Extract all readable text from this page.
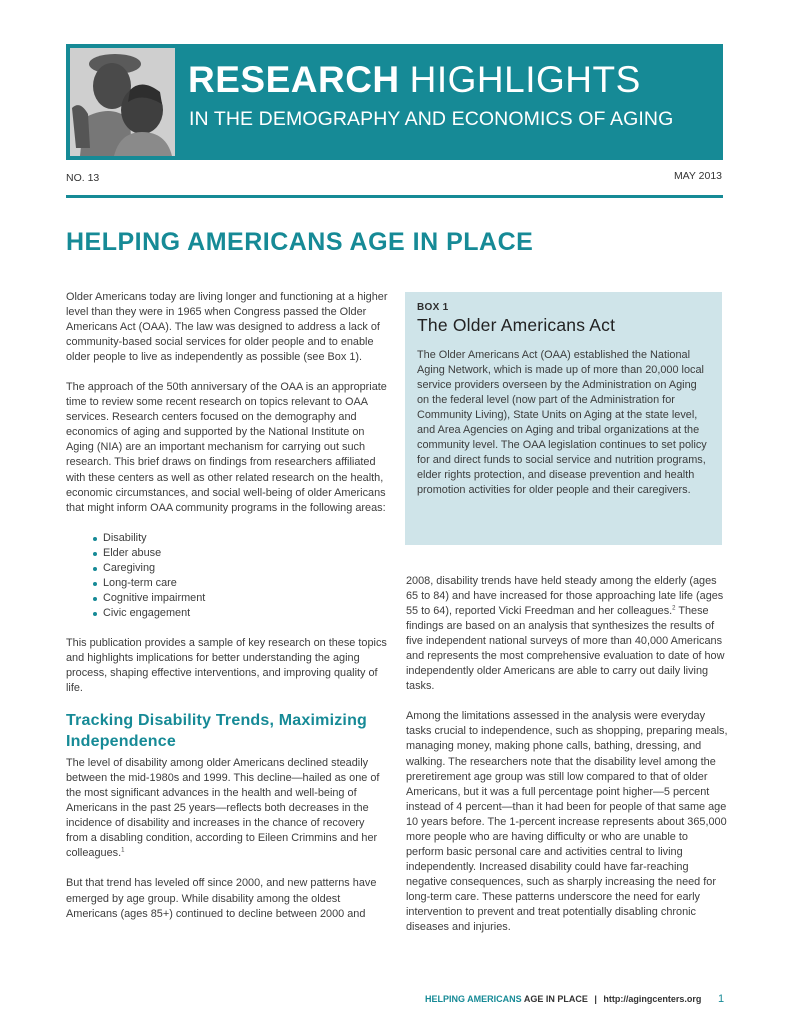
RESEARCH HIGHLIGHTS
IN THE DEMOGRAPHY AND ECONOMICS OF AGING
NO. 13	MAY 2013
HELPING AMERICANS AGE IN PLACE

Older Americans today are living longer and functioning at a higher level than they were in 1965 when Congress passed the Older Americans Act (OAA). The law was designed to address a lack of community-based social services for older people and to enable older people to live as independently as possible (see Box 1).

The approach of the 50th anniversary of the OAA is an appropriate time to review some recent research on topics relevant to OAA services. Research centers focused on the demography and economics of aging and supported by the National Institute on Aging (NIA) are an important mechanism for carrying out such research. This brief draws on findings from researchers affiliated with these centers as well as other related research on the health, economic circumstances, and social well-being of older Americans that might inform OAA community programs in the following areas:

Disability
Elder abuse
Caregiving
Long-term care
Cognitive impairment
Civic engagement

This publication provides a sample of key research on these topics and highlights implications for better understanding the aging process, shaping effective interventions, and improving quality of life.

Tracking Disability Trends, Maximizing Independence

The level of disability among older Americans declined steadily between the mid-1980s and 1999. This decline—hailed as one of the most significant advances in the health and well-being of Americans in the past 25 years—reflects both decreases in the incidence of disability and increases in the chance of recovery from a disabling condition, according to Eileen Crimmins and her colleagues.$^1$

But that trend has leveled off since 2000, and new patterns have emerged by age group. While disability among the oldest Americans (ages 85+) continued to decline between 2000 and

BOX 1
The Older Americans Act

The Older Americans Act (OAA) established the National Aging Network, which is made up of more than 20,000 local service providers overseen by the Administration on Aging on the federal level (now part of the Administration for Community Living), State Units on Aging at the state level, and Area Agencies on Aging and tribal organizations at the community level. The OAA legislation continues to set policy for and direct funds to social service and nutrition programs, elder rights protection, and disease prevention and health promotion activities for older people and their caregivers.

2008, disability trends have held steady among the elderly (ages 65 to 84) and have increased for those approaching late life (ages 55 to 64), reported Vicki Freedman and her colleagues.$^2$ These findings are based on an analysis that synthesizes the results of five independent national surveys of more than 40,000 Americans and represents the most comprehensive evaluation to date of how independently older Americans are able to carry out daily living tasks.

Among the limitations assessed in the analysis were everyday tasks crucial to independence, such as shopping, preparing meals, managing money, making phone calls, bathing, dressing, and walking. The researchers note that the disability level among the preretirement age group was still low compared to that of older Americans, but it was a full percentage point higher—5 percent instead of 4 percent—than it had been for people of that same age 10 years before. The 1-percent increase represents about 365,000 more people who are having difficulty or who are unable to perform basic personal care and activities central to living independently. Increased disability could have far-reaching negative consequences, such as sharply increasing the need for long-term care. These patterns underscore the need for early intervention to prevent and treat potentially disabling chronic diseases and injuries.

HELPING AMERICANS AGE IN PLACE | http://agingcenters.org 1
